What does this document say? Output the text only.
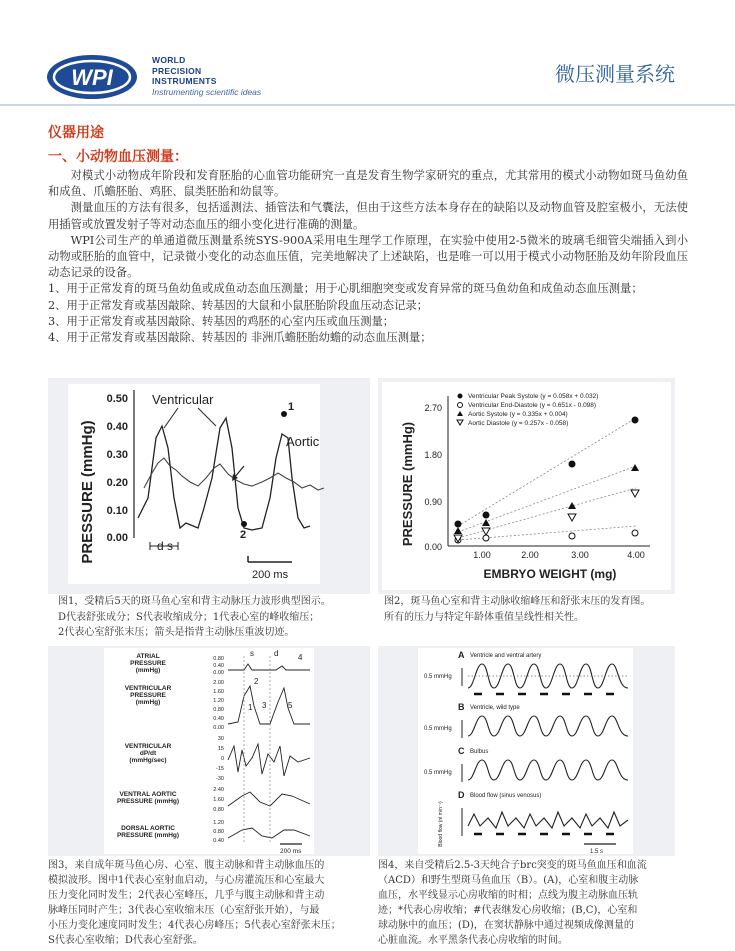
WPI
WORLD
PRECISION
INSTRUMENTS
Instrumenting scientific ideas
微压测量系统
仪器用途
一、小动物血压测量：

对模式小动物成年阶段和发育胚胎的心血管功能研究一直是发育生物学家研究的重点，尤其常用的模式小动物如斑马鱼幼鱼和成鱼、爪蟾胚胎、鸡胚、鼠类胚胎和幼鼠等。

测量血压的方法有很多，包括遥测法、插管法和气囊法，但由于这些方法本身存在的缺陷以及动物血管及腔室极小，无法使用插管或放置发射子等对动态血压的细小变化进行准确的测量。

WPI公司生产的单通道微压测量系统SYS-900A采用电生理学工作原理，在实验中使用2-5微米的玻璃毛细管尖端插入到小动物或胚胎的血管中，记录微小变化的动态血压值，完美地解决了上述缺陷，也是唯一可以用于模式小动物胚胎及幼年阶段血压动态记录的设备。

1、用于正常发育的斑马鱼幼鱼或成鱼动态血压测量；用于心肌细胞突变或发育异常的斑马鱼幼鱼和成鱼动态血压测量；
2、用于正常发育或基因敲除、转基因的大鼠和小鼠胚胎阶段血压动态记录；
3、用于正常发育或基因敲除、转基因的鸡胚的心室内压或血压测量；
4、用于正常发育或基因敲除、转基因的 非洲爪蟾胚胎幼蟾的动态血压测量；
PRESSURE (mmHg)
0.50
0.40
0.30
0.20
0.10
0.00
Ventricular
Aortic
1
2
d s
200 ms
图1，受精后5天的斑马鱼心室和背主动脉压力波形典型图示。
D代表舒张成分；S代表收缩成分；1代表心室的峰收缩压；
2代表心室舒张末压；箭头是指背主动脉压重波切迹。
PRESSURE (mmHg)
2.70
1.80
0.90
0.00
1.00	2.00	3.00	4.00
EMBRYO WEIGHT (mg)
Ventricular Peak Systole (y = 0.058x + 0.032)
Ventricular End-Diastole (y = 0.651x - 0.098)
Aortic Systole (y = 0.335x + 0.004)
Aortic Diastole (y = 0.257x - 0.058)
图2，斑马鱼心室和背主动脉收缩峰压和舒张末压的发育图。
所有的压力与特定年龄体重值呈线性相关性。
ATRIAL
PRESSURE
(mmHg)
VENTRICULAR
PRESSURE
(mmHg)
VENTRICULAR
dP/dt
(mmHg/sec)
VENTRAL AORTIC
PRESSURE (mmHg)
DORSAL AORTIC
PRESSURE (mmHg)
0.80
0.40
0.00
2.00
1.60
1.20
0.80
0.40
0.00
30
15
0
-15
-30
2.40
1.60
0.80
1.20
0.80
0.40
s	d 4
1
2
3	5
200 ms
图3，来自成年斑马鱼心房、心室、腹主动脉和背主动脉血压的
模拟波形。图中1代表心室射血启动，与心房灌流压和心室最大
压力变化同时发生；2代表心室峰压，几乎与腹主动脉和背主动
脉峰压同时产生；3代表心室收缩末压（心室舒张开始），与最
小压力变化速度同时发生；4代表心房峰压；5代表心室舒张末压；
S代表心室收缩；D代表心室舒张。
A
B
C
D
Ventricle and ventral artery
Ventricle, wild type
Bulbus
Blood flow (sinus venosus)
0.5 mmHg
0.5 mmHg
0.5 mmHg
Blood flow (nl min⁻¹)
1.5 s
图4，来自受精后2.5-3天纯合子brc突变的斑马鱼血压和血流
（ACD）和野生型斑马鱼血压（B）。(A)，心室和腹主动脉
血压，水平线显示心房收缩的时相；点线为腹主动脉血压轨
迹；*代表心房收缩；#代表继发心房收缩；(B,C)，心室和
球动脉中的血压；(D)，在窦状静脉中通过视频成像测量的
心脏血流。水平黑条代表心房收缩的时间。
